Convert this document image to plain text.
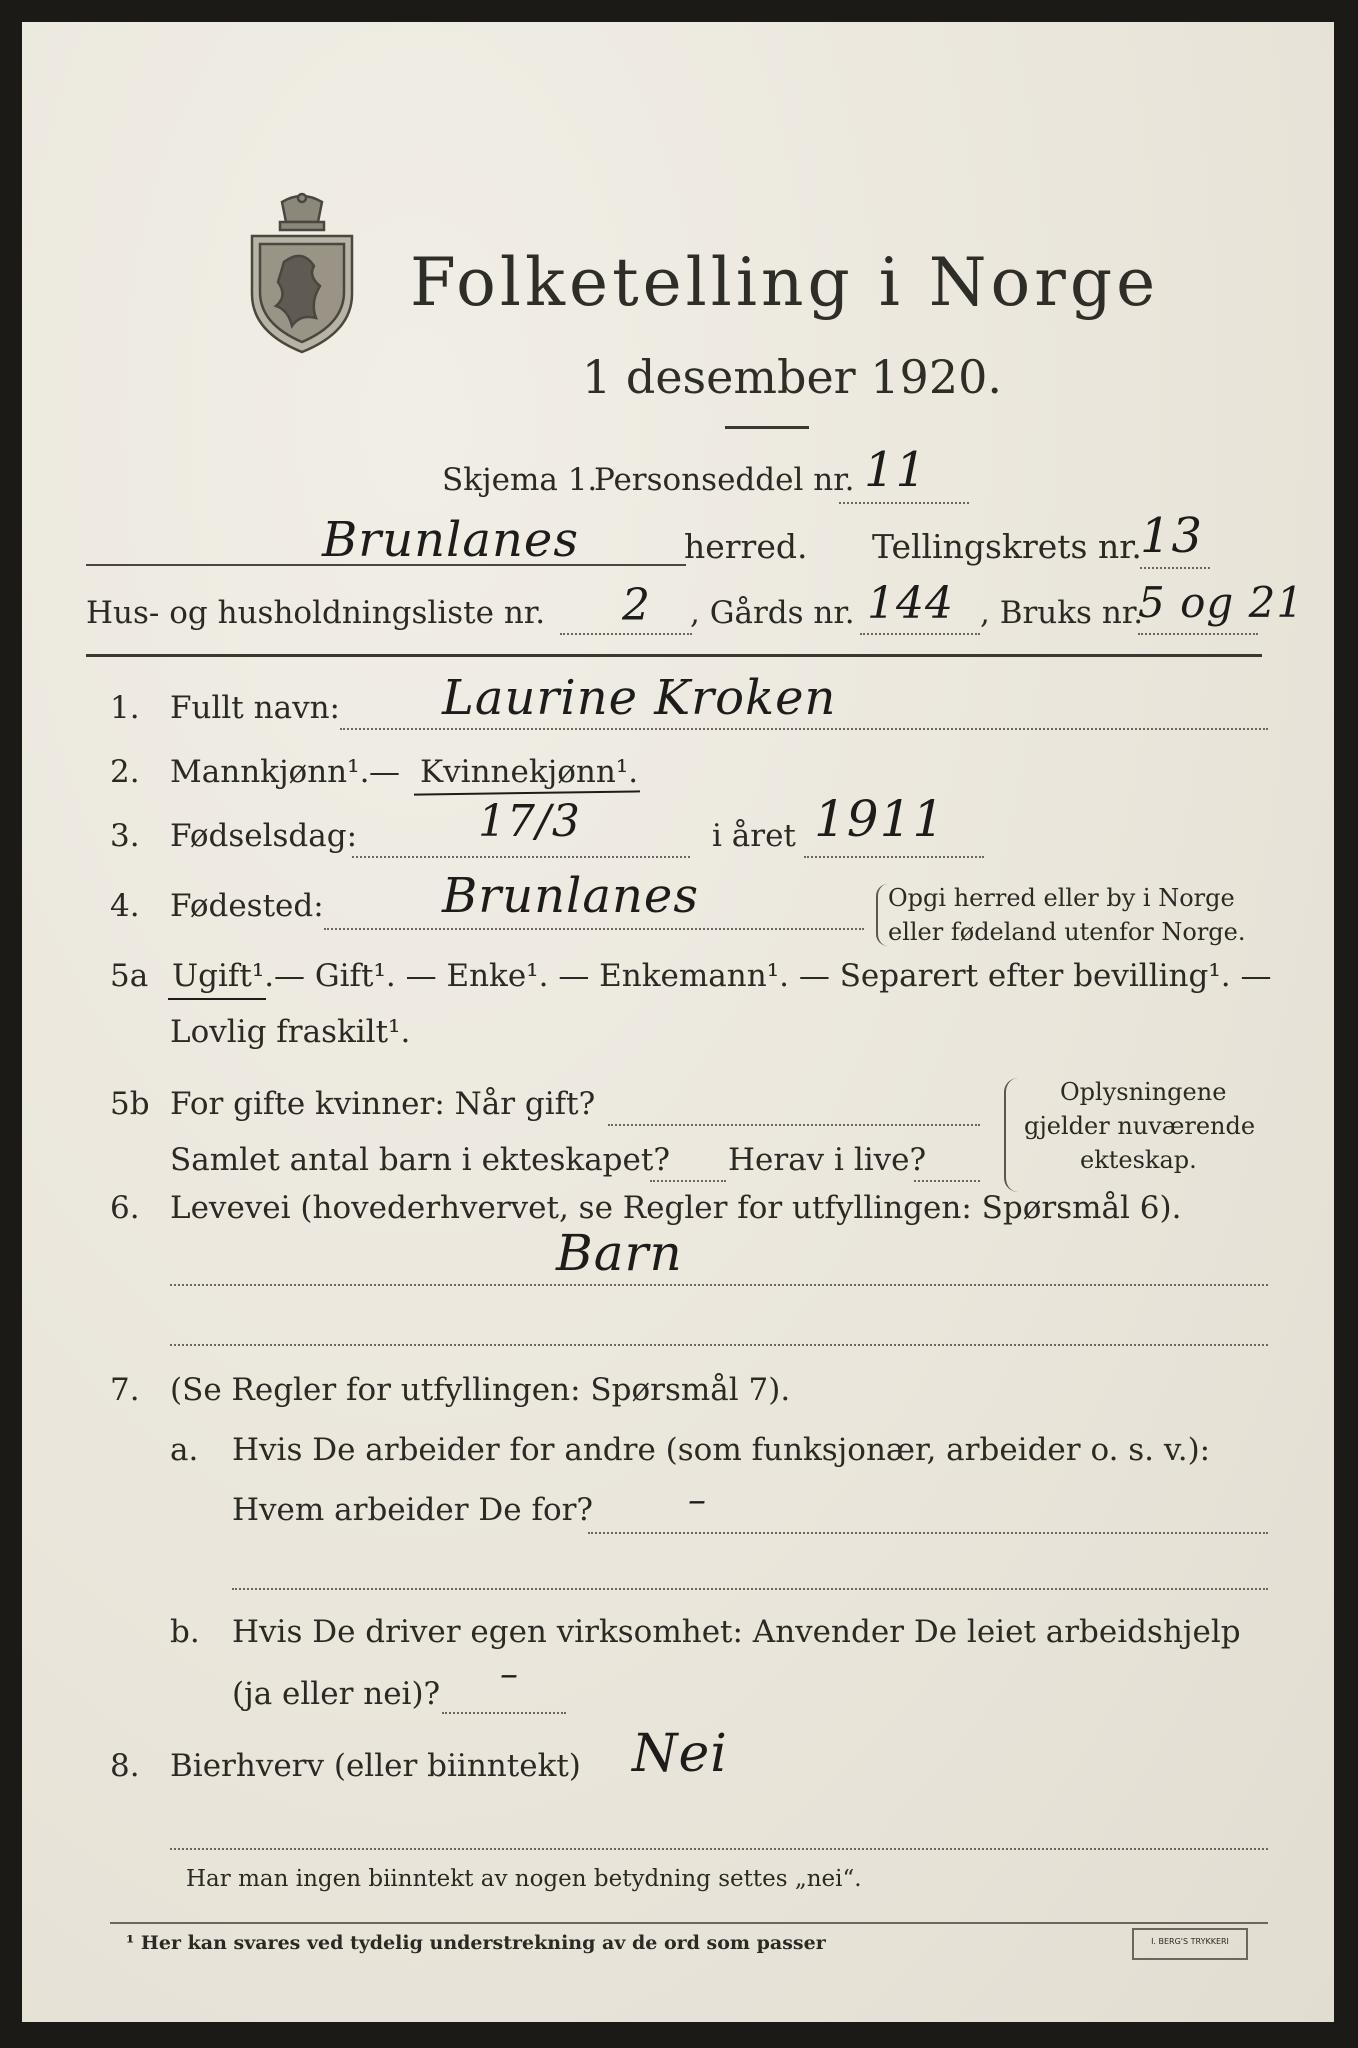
Folketelling i Norge
1 desember 1920.
Skjema 1.
Personseddel nr. 11
Brunlanes	herred. Tellingskrets nr.
13
Hus- og husholdningsliste nr. 2 , Gårds nr. 144 , Bruks nr.
5 og 21
1. Fullt navn: Laurine Kroken
2. Mannkjønn¹. — Kvinnekjønn¹.
3. Fødselsdag:	17/3	i året 1911
4. Fødested: Brunlanes	Opgi herred eller by i Norge
eller fødeland utenfor Norge.
5a Ugift¹. — Gift¹. — Enke¹. — Enkemann¹. — Separert efter bevilling¹. —
Lovlig fraskilt¹.
5b For gifte kvinner: Når gift?
Samlet antal barn i ekteskapet? Herav i live?
Oplysningene
gjelder nuværende
ekteskap.
6. Levevei (hovederhvervet, se Regler for utfyllingen: Spørsmål 6).
Barn
7. (Se Regler for utfyllingen: Spørsmål 7).
a. Hvis De arbeider for andre (som funksjonær, arbeider o. s. v.):
Hvem arbeider De for?	–
b. Hvis De driver egen virksomhet: Anvender De leiet arbeidshjelp
(ja eller nei)? –
8. Bierhverv (eller biinntekt) Nei
Har man ingen biinntekt av nogen betydning settes „nei“.
¹ Her kan svares ved tydelig understrekning av de ord som passer	I. BERG'S TRYKKERI
